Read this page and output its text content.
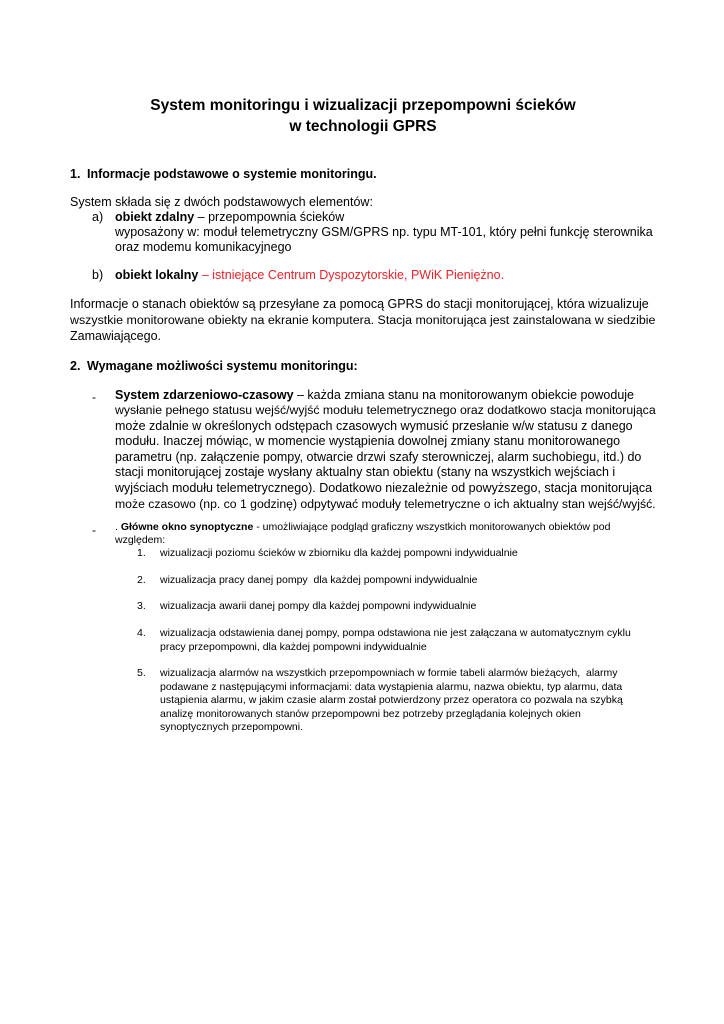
System monitoringu i wizualizacji przepompowni ścieków
w technologii GPRS
1. Informacje podstawowe o systemie monitoringu.
System składa się z dwóch podstawowych elementów:
a) obiekt zdalny – przepompownia ścieków
wyposażony w: moduł telemetryczny GSM/GPRS np. typu MT-101, który pełni funkcję sterownika
oraz modemu komunikacyjnego
b) obiekt lokalny – istniejące Centrum Dyspozytorskie, PWiK Pieniężno.
Informacje o stanach obiektów są przesyłane za pomocą GPRS do stacji monitorującej, która wizualizuje
wszystkie monitorowane obiekty na ekranie komputera. Stacja monitorująca jest zainstalowana w siedzibie
Zamawiającego.
2. Wymagane możliwości systemu monitoringu:
- System zdarzeniowo-czasowy – każda zmiana stanu na monitorowanym obiekcie powoduje
wysłanie pełnego statusu wejść/wyjść modułu telemetrycznego oraz dodatkowo stacja monitorująca
może zdalnie w określonych odstępach czasowych wymusić przesłanie w/w statusu z danego
modułu. Inaczej mówiąc, w momencie wystąpienia dowolnej zmiany stanu monitorowanego
parametru (np. załączenie pompy, otwarcie drzwi szafy sterowniczej, alarm suchobiegu, itd.) do
stacji monitorującej zostaje wysłany aktualny stan obiektu (stany na wszystkich wejściach i
wyjściach modułu telemetrycznego). Dodatkowo niezależnie od powyższego, stacja monitorująca
może czasowo (np. co 1 godzinę) odpytywać moduły telemetryczne o ich aktualny stan wejść/wyjść.
- . Główne okno synoptyczne - umożliwiające podgląd graficzny wszystkich monitorowanych obiektów pod
względem:
1. wizualizacji poziomu ścieków w zbiorniku dla każdej pompowni indywidualnie
2. wizualizacja pracy danej pompy  dla każdej pompowni indywidualnie
3. wizualizacja awarii danej pompy dla każdej pompowni indywidualnie
4. wizualizacja odstawienia danej pompy, pompa odstawiona nie jest załączana w automatycznym cyklu
pracy przepompowni, dla każdej pompowni indywidualnie
5. wizualizacja alarmów na wszystkich przepompowniach w formie tabeli alarmów bieżących,  alarmy
podawane z następującymi informacjami: data wystąpienia alarmu, nazwa obiektu, typ alarmu, data
ustąpienia alarmu, w jakim czasie alarm został potwierdzony przez operatora co pozwala na szybką
analizę monitorowanych stanów przepompowni bez potrzeby przeglądania kolejnych okien
synoptycznych przepompowni.
